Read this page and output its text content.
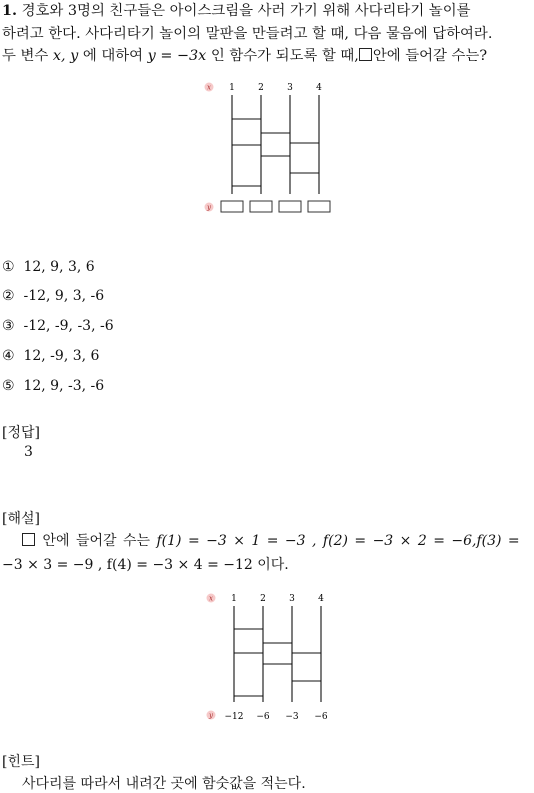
1. 경호와 3명의 친구들은 아이스크림을 사러 가기 위해 사다리타기 놀이를
하려고 한다. 사다리타기 놀이의 말판을 만들려고 할 때, 다음 물음에 답하여라.
두 변수 x, y 에 대하여 y = −3x 인 함수가 되도록 할 때, 안에 들어갈 수는?
x 1	2	3	4
y
① 12, 9, 3, 6
② -12, 9, 3, -6
③ -12, -9, -3, -6
④ 12, -9, 3, 6
⑤ 12, 9, -3, -6
[정답]
3
[해설]
안에 들어갈 수는 f(1) = −3 × 1 = −3 , f(2) = −3 × 2 = −6,f(3) =
−3 × 3 = −9 , f(4) = −3 × 4 = −12 이다.
x 1	2	3	4
y −12 −6 −3 −6
[힌트]
사다리를 따라서 내려간 곳에 함숫값을 적는다.
